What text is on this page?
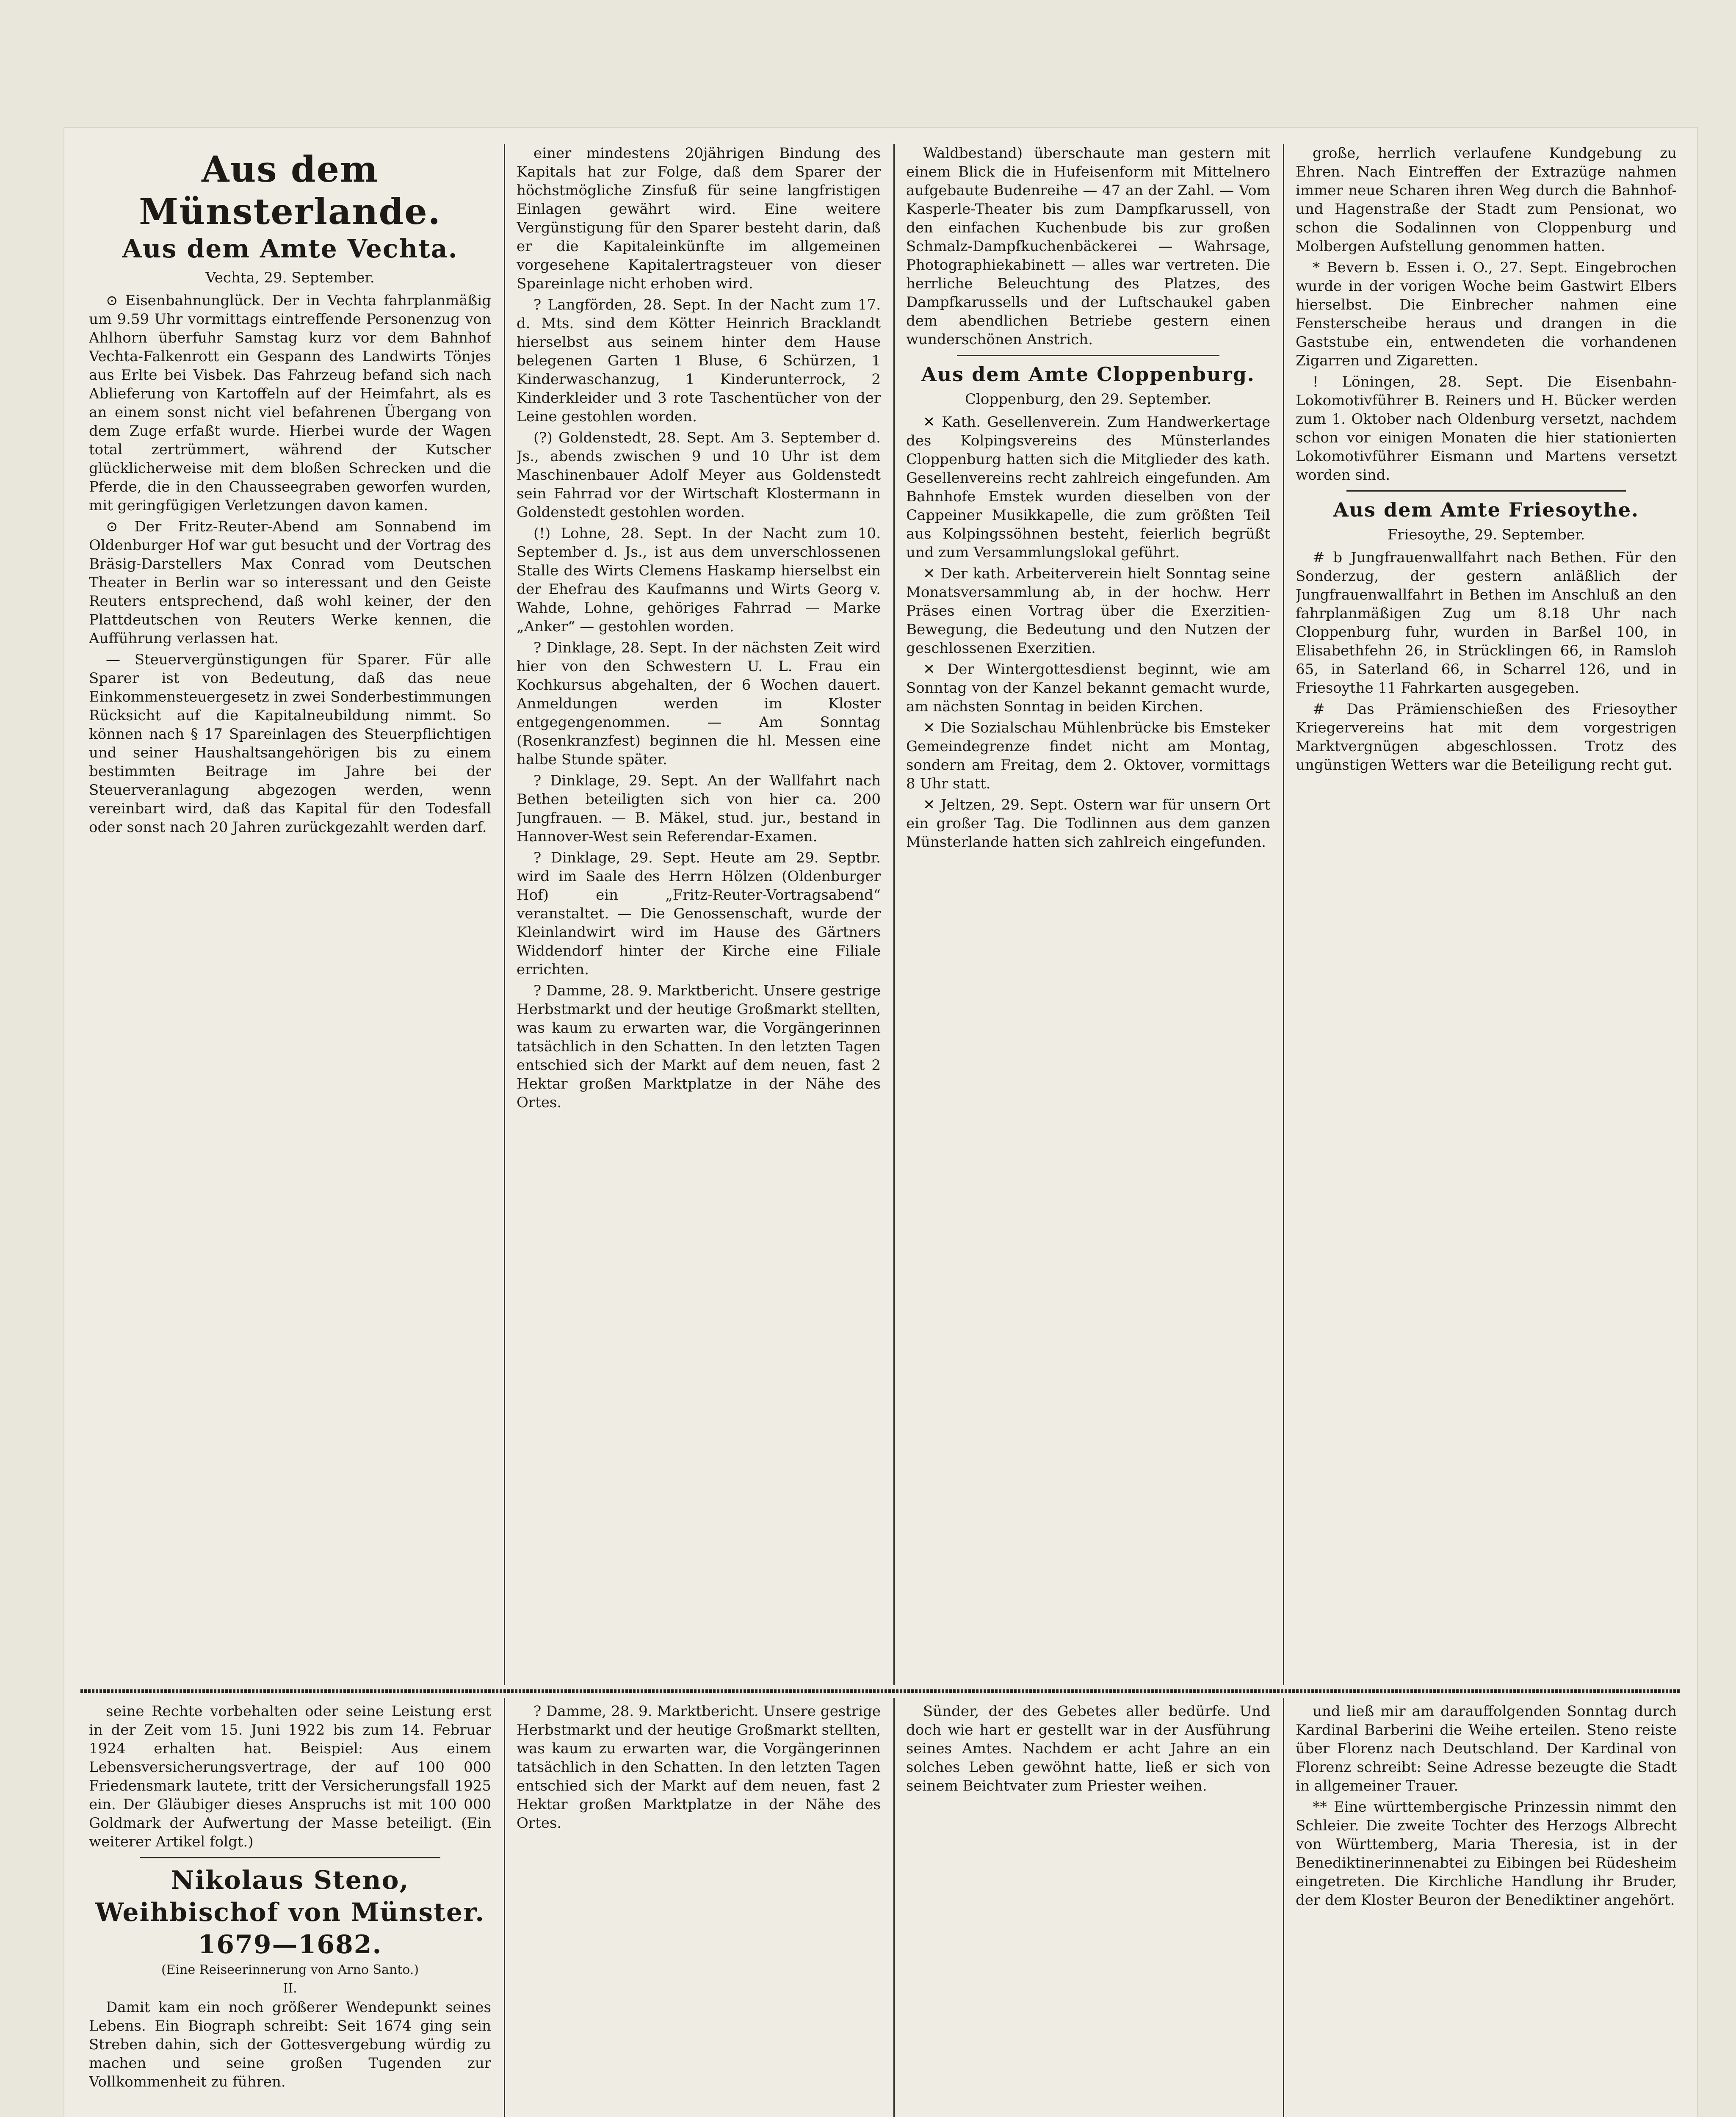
Aus dem Münsterlande.
Aus dem Amte Vechta.
Vechta, 29. September.

⊙ Eisenbahnunglück. Der in Vechta fahrplanmäßig um 9.59 Uhr vormittags eintreffende Personenzug von Ahlhorn überfuhr Samstag kurz vor dem Bahnhof Vechta-Falkenrott ein Gespann des Landwirts Tönjes aus Erlte bei Visbek. Das Fahrzeug befand sich nach Ablieferung von Kartoffeln auf der Heimfahrt, als es an einem sonst nicht viel befahrenen Übergang von dem Zuge erfaßt wurde. Hierbei wurde der Wagen total zertrümmert, während der Kutscher glücklicherweise mit dem bloßen Schrecken und die Pferde, die in den Chausseegraben geworfen wurden, mit geringfügigen Verletzungen davon kamen.

⊙ Der Fritz-Reuter-Abend am Sonnabend im Oldenburger Hof war gut besucht und der Vortrag des Bräsig-Darstellers Max Conrad vom Deutschen Theater in Berlin war so interessant und den Geiste Reuters entsprechend, daß wohl keiner, der den Plattdeutschen von Reuters Werke kennen, die Aufführung verlassen hat.

— Steuervergünstigungen für Sparer. Für alle Sparer ist von Bedeutung, daß das neue Einkommensteuergesetz in zwei Sonderbestimmungen Rücksicht auf die Kapitalneubildung nimmt. So können nach § 17 Spareinlagen des Steuerpflichtigen und seiner Haushaltsangehörigen bis zu einem bestimmten Beitrage im Jahre bei der Steuerveranlagung abgezogen werden, wenn vereinbart wird, daß das Kapital für den Todesfall oder sonst nach 20 Jahren zurückgezahlt werden darf.

einer mindestens 20jährigen Bindung des Kapitals hat zur Folge, daß dem Sparer der höchstmögliche Zinsfuß für seine langfristigen Einlagen gewährt wird. Eine weitere Vergünstigung für den Sparer besteht darin, daß er die Kapitaleinkünfte im allgemeinen vorgesehene Kapitalertragsteuer von dieser Spareinlage nicht erhoben wird.

? Langförden, 28. Sept. In der Nacht zum 17. d. Mts. sind dem Kötter Heinrich Bracklandt hierselbst aus seinem hinter dem Hause belegenen Garten 1 Bluse, 6 Schürzen, 1 Kinderwaschanzug, 1 Kinderunterrock, 2 Kinderkleider und 3 rote Taschentücher von der Leine gestohlen worden.

(?) Goldenstedt, 28. Sept. Am 3. September d. Js., abends zwischen 9 und 10 Uhr ist dem Maschinenbauer Adolf Meyer aus Goldenstedt sein Fahrrad vor der Wirtschaft Klostermann in Goldenstedt gestohlen worden.

(!) Lohne, 28. Sept. In der Nacht zum 10. September d. Js., ist aus dem unverschlossenen Stalle des Wirts Clemens Haskamp hierselbst ein der Ehefrau des Kaufmanns und Wirts Georg v. Wahde, Lohne, gehöriges Fahrrad — Marke „Anker“ — gestohlen worden.

? Dinklage, 28. Sept. In der nächsten Zeit wird hier von den Schwestern U. L. Frau ein Kochkursus abgehalten, der 6 Wochen dauert. Anmeldungen werden im Kloster entgegengenommen. — Am Sonntag (Rosenkranzfest) beginnen die hl. Messen eine halbe Stunde später.

? Dinklage, 29. Sept. An der Wallfahrt nach Bethen beteiligten sich von hier ca. 200 Jungfrauen. — B. Mäkel, stud. jur., bestand in Hannover-West sein Referendar-Examen.

? Dinklage, 29. Sept. Heute am 29. Septbr. wird im Saale des Herrn Hölzen (Oldenburger Hof) ein „Fritz-Reuter-Vortragsabend“ veranstaltet. — Die Genossenschaft, wurde der Kleinlandwirt wird im Hause des Gärtners Widdendorf hinter der Kirche eine Filiale errichten.

? Damme, 28. 9. Marktbericht. Unsere gestrige Herbstmarkt und der heutige Großmarkt stellten, was kaum zu erwarten war, die Vorgängerinnen tatsächlich in den Schatten. In den letzten Tagen entschied sich der Markt auf dem neuen, fast 2 Hektar großen Marktplatze in der Nähe des Ortes.

Waldbestand) überschaute man gestern mit einem Blick die in Hufeisenform mit Mittelnero aufgebaute Budenreihe — 47 an der Zahl. — Vom Kasperle-Theater bis zum Dampfkarussell, von den einfachen Kuchenbude bis zur großen Schmalz-Dampfkuchenbäckerei — Wahrsage, Photographiekabinett — alles war vertreten. Die herrliche Beleuchtung des Platzes, des Dampfkarussells und der Luftschaukel gaben dem abendlichen Betriebe gestern einen wunderschönen Anstrich.

Aus dem Amte Cloppenburg.
Cloppenburg, den 29. September.

✕ Kath. Gesellenverein. Zum Handwerkertage des Kolpingsvereins des Münsterlandes Cloppenburg hatten sich die Mitglieder des kath. Gesellenvereins recht zahlreich eingefunden. Am Bahnhofe Emstek wurden dieselben von der Cappeiner Musikkapelle, die zum größten Teil aus Kolpingssöhnen besteht, feierlich begrüßt und zum Versammlungslokal geführt.

✕ Der kath. Arbeiterverein hielt Sonntag seine Monatsversammlung ab, in der hochw. Herr Präses einen Vortrag über die Exerzitien-Bewegung, die Bedeutung und den Nutzen der geschlossenen Exerzitien.

✕ Der Wintergottesdienst beginnt, wie am Sonntag von der Kanzel bekannt gemacht wurde, am nächsten Sonntag in beiden Kirchen.

✕ Die Sozialschau Mühlenbrücke bis Emsteker Gemeindegrenze findet nicht am Montag, sondern am Freitag, dem 2. Oktover, vormittags 8 Uhr statt.

✕ Jeltzen, 29. Sept. Ostern war für unsern Ort ein großer Tag. Die Todlinnen aus dem ganzen Münsterlande hatten sich zahlreich eingefunden.

große, herrlich verlaufene Kundgebung zu Ehren. Nach Eintreffen der Extrazüge nahmen immer neue Scharen ihren Weg durch die Bahnhof- und Hagenstraße der Stadt zum Pensionat, wo schon die Sodalinnen von Cloppenburg und Molbergen Aufstellung genommen hatten.

* Bevern b. Essen i. O., 27. Sept. Eingebrochen wurde in der vorigen Woche beim Gastwirt Elbers hierselbst. Die Einbrecher nahmen eine Fensterscheibe heraus und drangen in die Gaststube ein, entwendeten die vorhandenen Zigarren und Zigaretten.

! Löningen, 28. Sept. Die Eisenbahn-Lokomotivführer B. Reiners und H. Bücker werden zum 1. Oktober nach Oldenburg versetzt, nachdem schon vor einigen Monaten die hier stationierten Lokomotivführer Eismann und Martens versetzt worden sind.

Aus dem Amte Friesoythe.
Friesoythe, 29. September.

# b Jungfrauenwallfahrt nach Bethen. Für den Sonderzug, der gestern anläßlich der Jungfrauenwallfahrt in Bethen im Anschluß an den fahrplanmäßigen Zug um 8.18 Uhr nach Cloppenburg fuhr, wurden in Barßel 100, in Elisabethfehn 26, in Strücklingen 66, in Ramsloh 65, in Saterland 66, in Scharrel 126, und in Friesoythe 11 Fahrkarten ausgegeben.

# Das Prämienschießen des Friesoyther Kriegervereins hat mit dem vorgestrigen Marktvergnügen abgeschlossen. Trotz des ungünstigen Wetters war die Beteiligung recht gut.

seine Rechte vorbehalten oder seine Leistung erst in der Zeit vom 15. Juni 1922 bis zum 14. Februar 1924 erhalten hat. Beispiel: Aus einem Lebensversicherungsvertrage, der auf 100 000 Friedensmark lautete, tritt der Versicherungsfall 1925 ein. Der Gläubiger dieses Anspruchs ist mit 100 000 Goldmark der Aufwertung der Masse beteiligt. (Ein weiterer Artikel folgt.)

Nikolaus Steno, Weihbischof von Münster. 1679—1682.
(Eine Reiseerinnerung von Arno Santo.)
II.

Damit kam ein noch größerer Wendepunkt seines Lebens. Ein Biograph schreibt: Seit 1674 ging sein Streben dahin, sich der Gottesvergebung würdig zu machen und seine großen Tugenden zur Vollkommenheit zu führen.

? Damme, 28. 9. Marktbericht. Unsere gestrige Herbstmarkt und der heutige Großmarkt stellten, was kaum zu erwarten war, die Vorgängerinnen tatsächlich in den Schatten. In den letzten Tagen entschied sich der Markt auf dem neuen, fast 2 Hektar großen Marktplatze in der Nähe des Ortes.

Sünder, der des Gebetes aller bedürfe. Und doch wie hart er gestellt war in der Ausführung seines Amtes. Nachdem er acht Jahre an ein solches Leben gewöhnt hatte, ließ er sich von seinem Beichtvater zum Priester weihen.

und ließ mir am darauffolgenden Sonntag durch Kardinal Barberini die Weihe erteilen. Steno reiste über Florenz nach Deutschland. Der Kardinal von Florenz schreibt: Seine Adresse bezeugte die Stadt in allgemeiner Trauer.

** Eine württembergische Prinzessin nimmt den Schleier. Die zweite Tochter des Herzogs Albrecht von Württemberg, Maria Theresia, ist in der Benediktinerinnenabtei zu Eibingen bei Rüdesheim eingetreten. Die Kirchliche Handlung ihr Bruder, der dem Kloster Beuron der Benediktiner angehört.
